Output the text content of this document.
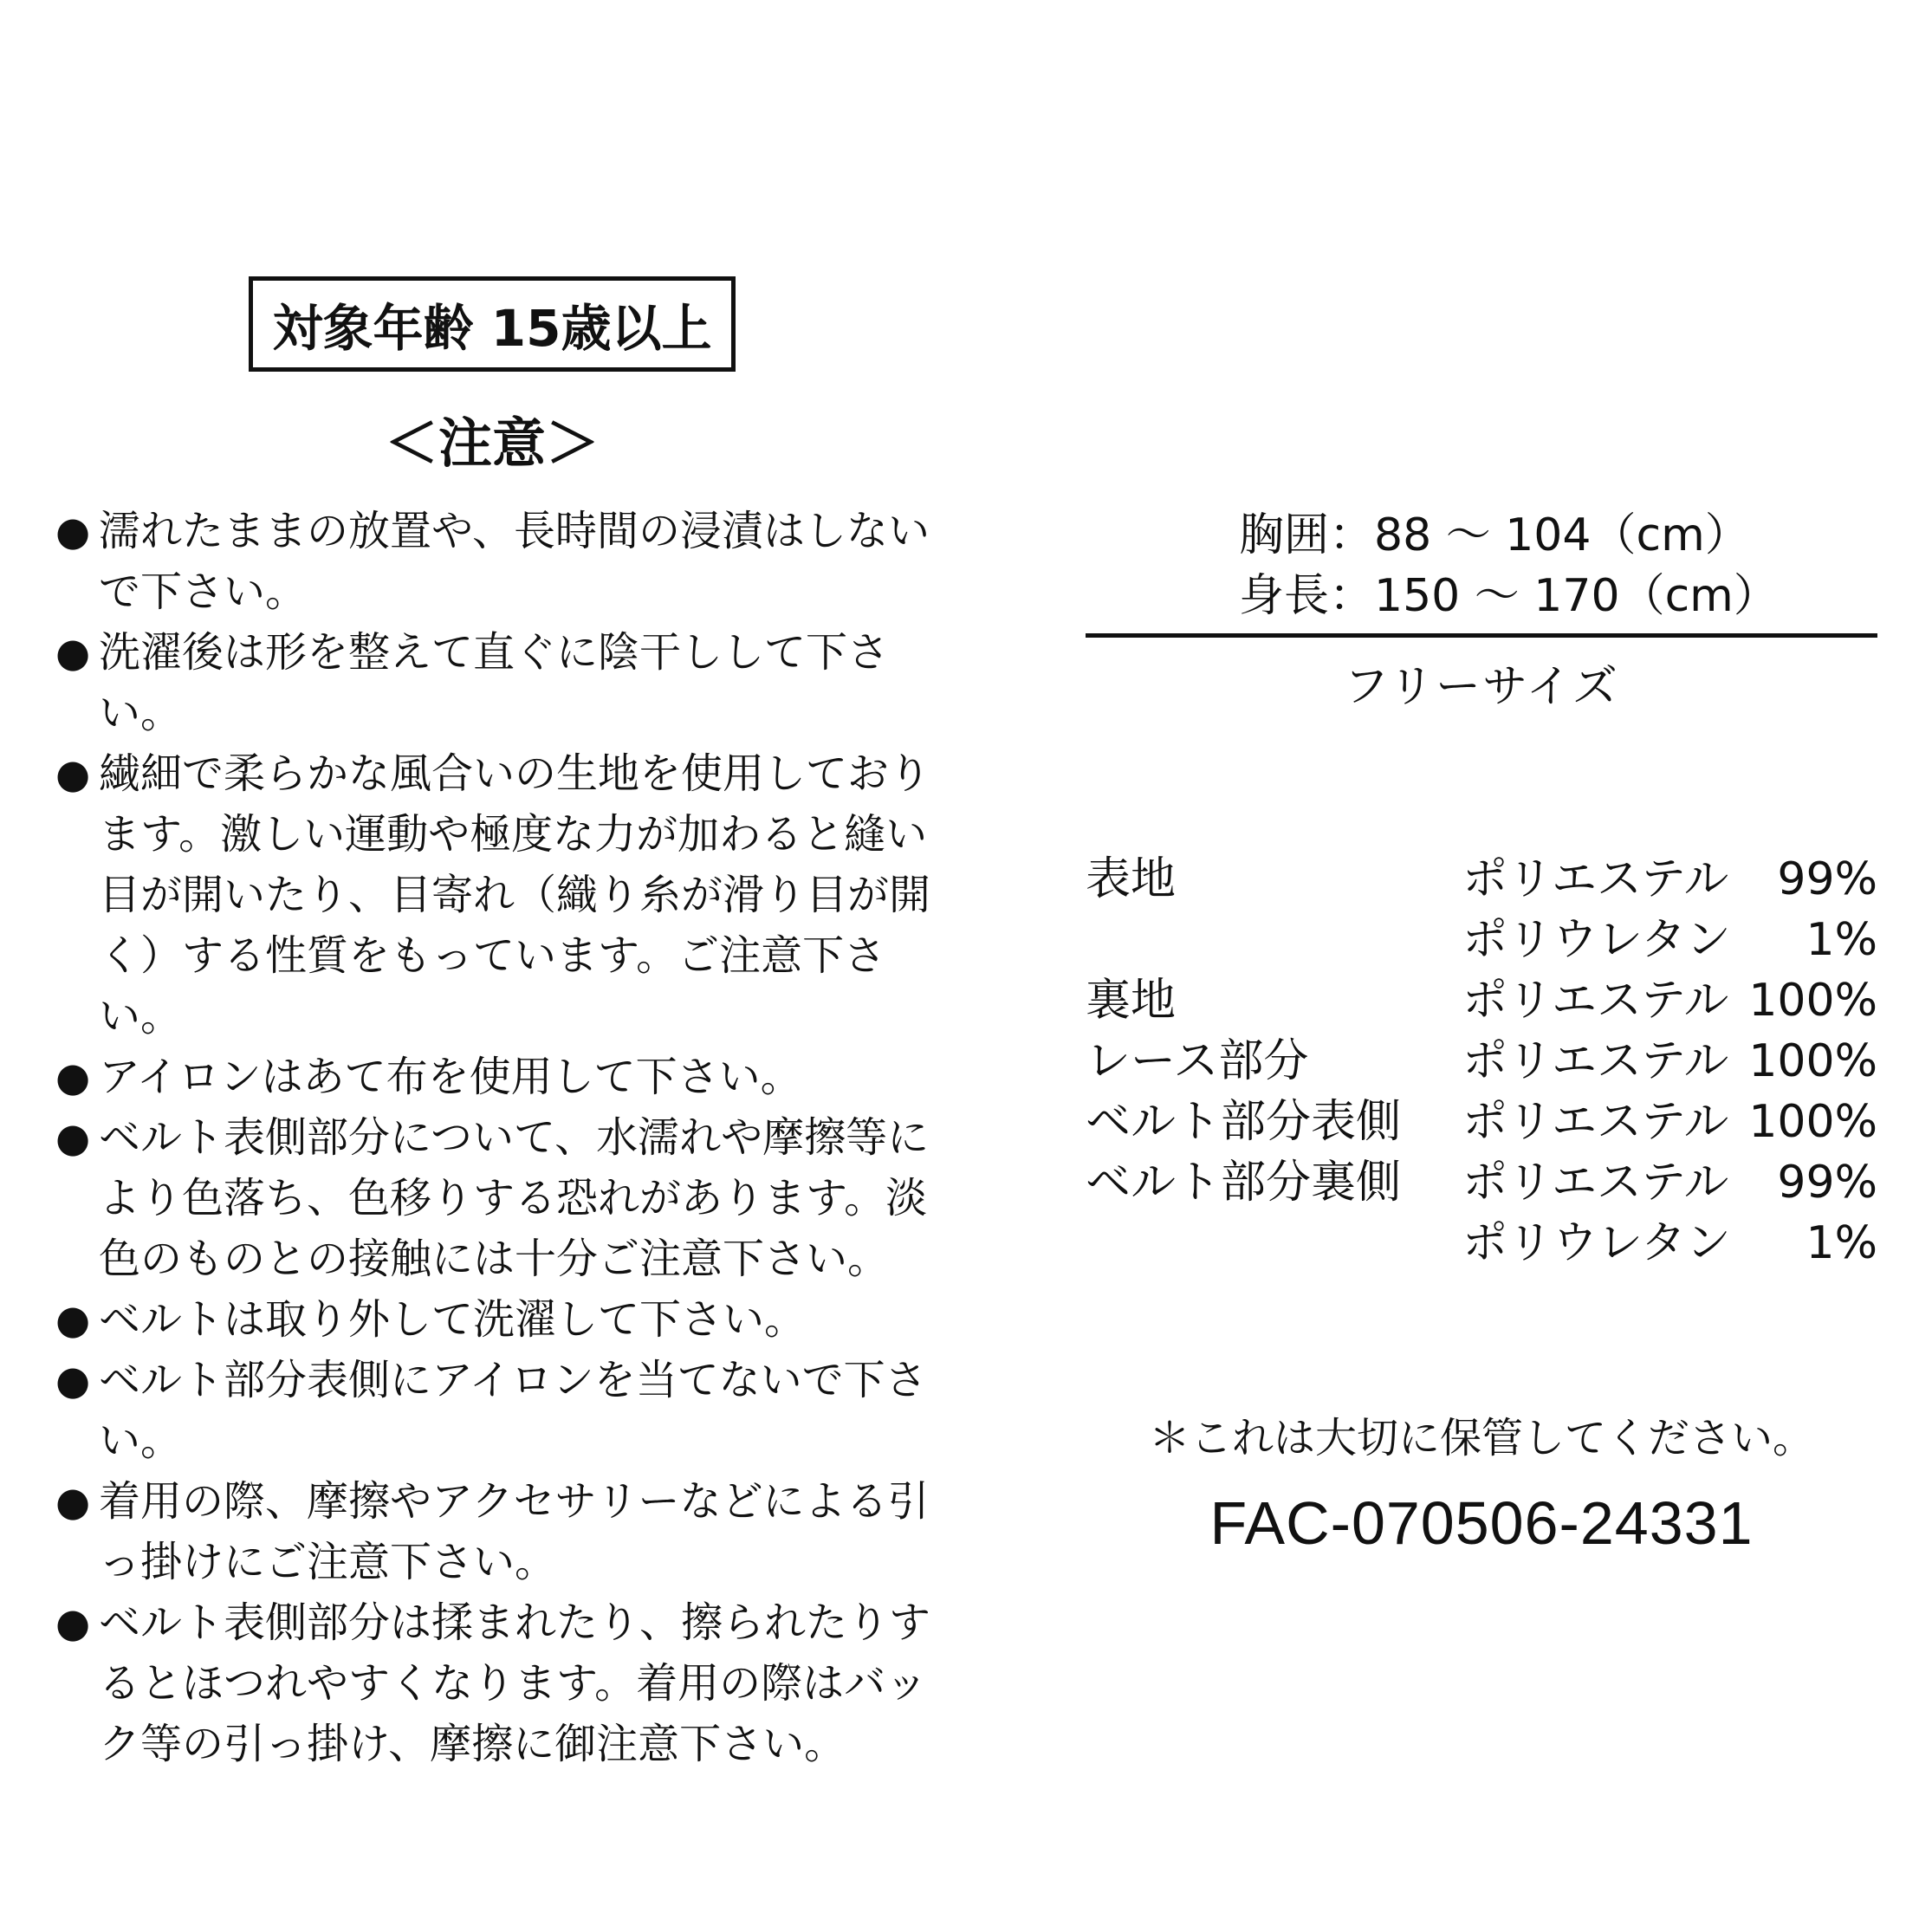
対象年齢 15歳以上
＜注意＞
● 濡れたままの放置や、長時間の浸漬はしないで下さい。
● 洗濯後は形を整えて直ぐに陰干しして下さい。
● 繊細で柔らかな風合いの生地を使用しております。激しい運動や極度な力が加わると縫い目が開いたり、目寄れ（織り糸が滑り目が開く）する性質をもっています。ご注意下さい。
● アイロンはあて布を使用して下さい。
● ベルト表側部分について、水濡れや摩擦等により色落ち、色移りする恐れがあります。淡色のものとの接触には十分ご注意下さい。
● ベルトは取り外して洗濯して下さい。
● ベルト部分表側にアイロンを当てないで下さい。
● 着用の際、摩擦やアクセサリーなどによる引っ掛けにご注意下さい。
● ベルト表側部分は揉まれたり、擦られたりするとほつれやすくなります。着用の際はバック等の引っ掛け、摩擦に御注意下さい。
胸囲：88 ～ 104（cm）
身長：150 ～ 170（cm）
フリーサイズ
表地	ポリエステル	99%
	ポリウレタン	1%
裏地	ポリエステル	100%
レース部分	ポリエステル	100%
ベルト部分表側	ポリエステル	100%
ベルト部分裏側	ポリエステル	99%
	ポリウレタン	1%
＊これは大切に保管してください。
FAC-070506-24331
